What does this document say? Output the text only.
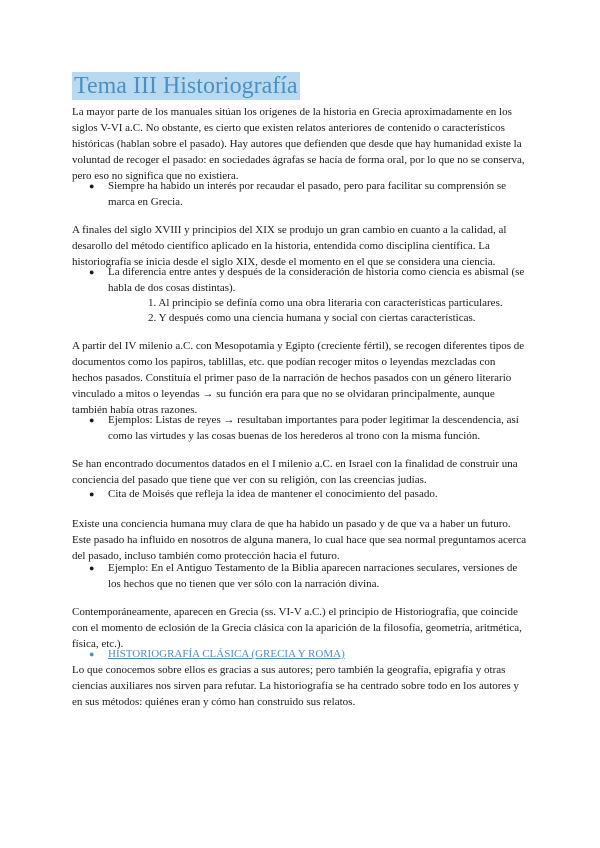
Tema III Historiografía

La mayor parte de los manuales sitúan los orígenes de la historia en Grecia aproximadamente en los siglos V-VI a.C. No obstante, es cierto que existen relatos anteriores de contenido o característicos históricas (hablan sobre el pasado). Hay autores que defienden que desde que hay humanidad existe la voluntad de recoger el pasado: en sociedades ágrafas se hacía de forma oral, por lo que no se conserva, pero eso no significa que no existiera.

●	Siempre ha habido un interés por recaudar el pasado, pero para facilitar su comprensión se marca en Grecia.

A finales del siglo XVIII y principios del XIX se produjo un gran cambio en cuanto a la calidad, al desarollo del método científico aplicado en la historia, entendida como disciplina científica. La historiografía se inicia desde el siglo XIX, desde el momento en el que se considera una ciencia.

●	La diferencia entre antes y después de la consideración de historia como ciencia es abismal (se habla de dos cosas distintas).
1. Al principio se definía como una obra literaria con características particulares.
2. Y después como una ciencia humana y social con ciertas características.

A partir del IV milenio a.C. con Mesopotamia y Egipto (creciente fértil), se recogen diferentes tipos de documentos como los papiros, tablillas, etc. que podían recoger mitos o leyendas mezcladas con hechos pasados. Constituía el primer paso de la narración de hechos pasados con un género literario vinculado a mitos o leyendas → su función era para que no se olvidaran principalmente, aunque también había otras razones.

●	Ejemplos: Listas de reyes → resultaban importantes para poder legitimar la descendencia, así como las virtudes y las cosas buenas de los herederos al trono con la misma función.

Se han encontrado documentos datados en el I milenio a.C. en Israel con la finalidad de construir una conciencia del pasado que tiene que ver con su religión, con las creencias judías.

●	Cita de Moisés que refleja la idea de mantener el conocimiento del pasado.

Existe una conciencia humana muy clara de que ha habido un pasado y de que va a haber un futuro. Este pasado ha influido en nosotros de alguna manera, lo cual hace que sea normal preguntamos acerca del pasado, incluso también como protección hacia el futuro.

●	Ejemplo: En el Antiguo Testamento de la Biblia aparecen narraciones seculares, versiones de los hechos que no tienen que ver sólo con la narración divina.

Contemporáneamente, aparecen en Grecia (ss. VI-V a.C.) el principio de Historiografía, que coincide con el momento de eclosión de la Grecia clásica con la aparición de la filosofía, geometría, aritmética, física, etc.).

● HISTORIOGRAFÍA CLÁSICA (GRECIA Y ROMA)

Lo que conocemos sobre ellos es gracias a sus autores; pero también la geografía, epigrafía y otras ciencias auxiliares nos sirven para refutar. La historiografía se ha centrado sobre todo en los autores y en sus métodos: quiénes eran y cómo han construido sus relatos.
